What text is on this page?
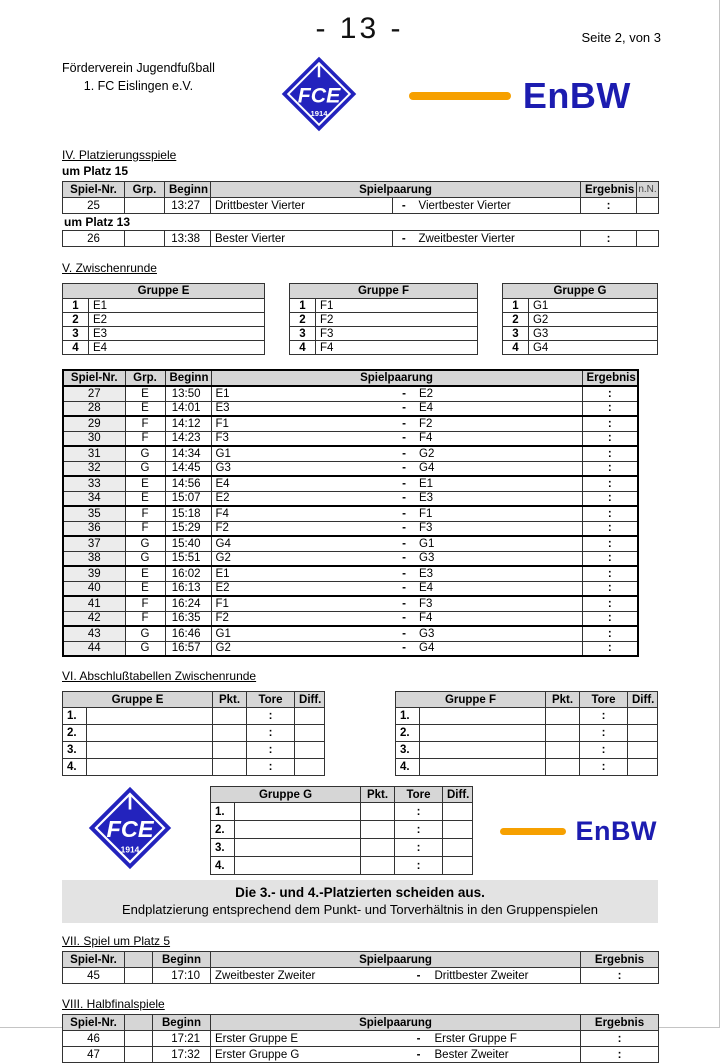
- 13 -	Seite 2, von 3
Förderverein Jugendfußball
1. FC Eislingen e.V.	FCE
1914	EnBW
IV. Platzierungsspiele
um Platz 15
Spiel-Nr.	Grp.	Beginn	Spielpaarung			Ergebnis	n.N.
25		13:27	Drittbester Vierter	-	Viertbester Vierter	:	
um Platz 13
26		13:38	Bester Vierter	-	Zweitbester Vierter	:	
V. Zwischenrunde
Gruppe E	
1	E1
2	E2
3	E3
4	E4
Gruppe F	
1	F1
2	F2
3	F3
4	F4
Gruppe G	
1	G1
2	G2
3	G3
4	G4
Spiel-Nr.	Grp.	Beginn	Spielpaarung			Ergebnis
27	E	13:50	E1	-	E2	:
28	E	14:01	E3	-	E4	:
29	F	14:12	F1	-	F2	:
30	F	14:23	F3	-	F4	:
31	G	14:34	G1	-	G2	:
32	G	14:45	G3	-	G4	:
33	E	14:56	E4	-	E1	:
34	E	15:07	E2	-	E3	:
35	F	15:18	F4	-	F1	:
36	F	15:29	F2	-	F3	:
37	G	15:40	G4	-	G1	:
38	G	15:51	G2	-	G3	:
39	E	16:02	E1	-	E3	:
40	E	16:13	E2	-	E4	:
41	F	16:24	F1	-	F3	:
42	F	16:35	F2	-	F4	:
43	G	16:46	G1	-	G3	:
44	G	16:57	G2	-	G4	:
VI. Abschlußtabellen Zwischenrunde
Gruppe E		Pkt.	Tore	Diff.
1.			:	
2.			:	
3.			:	
4.			:	
Gruppe F		Pkt.	Tore	Diff.
1.			:	
2.			:	
3.			:	
4.			:	
FCE
1914
Gruppe G		Pkt.	Tore	Diff.
1.			:	
2.			:	
3.			:	
4.			:	
EnBW
Die 3.- und 4.-Platzierten scheiden aus.
Endplatzierung entsprechend dem Punkt- und Torverhältnis in den Gruppenspielen
VII. Spiel um Platz 5
Spiel-Nr.		Beginn	Spielpaarung			Ergebnis
45		17:10	Zweitbester Zweiter	-	Drittbester Zweiter	:
VIII. Halbfinalspiele
Spiel-Nr.		Beginn	Spielpaarung			Ergebnis
46		17:21	Erster Gruppe E	-	Erster Gruppe F	:
47		17:32	Erster Gruppe G	-	Bester Zweiter	:
